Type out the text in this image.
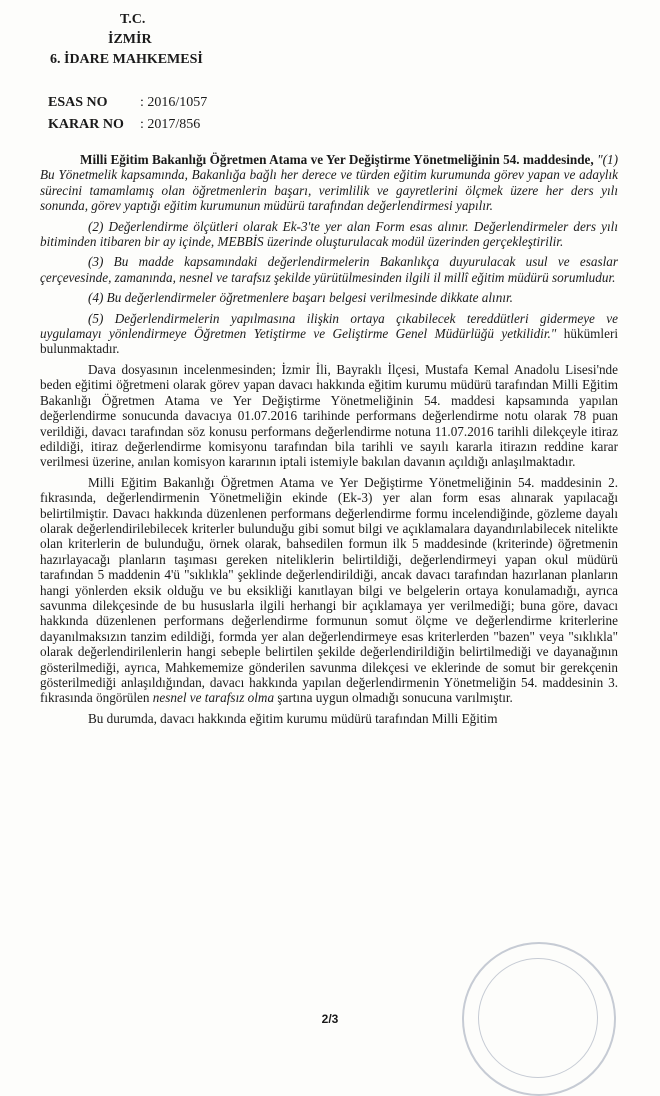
T.C.
İZMİR
6. İDARE MAHKEMESİ
ESAS NO	: 2016/1057
KARAR NO	: 2017/856

Milli Eğitim Bakanlığı Öğretmen Atama ve Yer Değiştirme Yönetmeliğinin 54. maddesinde, "(1) Bu Yönetmelik kapsamında, Bakanlığa bağlı her derece ve türden eğitim kurumunda görev yapan ve adaylık sürecini tamamlamış olan öğretmenlerin başarı, verimlilik ve gayretlerini ölçmek üzere her ders yılı sonunda, görev yaptığı eğitim kurumunun müdürü tarafından değerlendirmesi yapılır.

(2) Değerlendirme ölçütleri olarak Ek-3'te yer alan Form esas alınır. Değerlendirmeler ders yılı bitiminden itibaren bir ay içinde, MEBBİS üzerinde oluşturulacak modül üzerinden gerçekleştirilir.

(3) Bu madde kapsamındaki değerlendirmelerin Bakanlıkça duyurulacak usul ve esaslar çerçevesinde, zamanında, nesnel ve tarafsız şekilde yürütülmesinden ilgili il millî eğitim müdürü sorumludur.

(4) Bu değerlendirmeler öğretmenlere başarı belgesi verilmesinde dikkate alınır.

(5) Değerlendirmelerin yapılmasına ilişkin ortaya çıkabilecek tereddütleri gidermeye ve uygulamayı yönlendirmeye Öğretmen Yetiştirme ve Geliştirme Genel Müdürlüğü yetkilidir." hükümleri bulunmaktadır.

Dava dosyasının incelenmesinden; İzmir İli, Bayraklı İlçesi, Mustafa Kemal Anadolu Lisesi'nde beden eğitimi öğretmeni olarak görev yapan davacı hakkında eğitim kurumu müdürü tarafından Milli Eğitim Bakanlığı Öğretmen Atama ve Yer Değiştirme Yönetmeliğinin 54. maddesi kapsamında yapılan değerlendirme sonucunda davacıya 01.07.2016 tarihinde performans değerlendirme notu olarak 78 puan verildiği, davacı tarafından söz konusu performans değerlendirme notuna 11.07.2016 tarihli dilekçeyle itiraz edildiği, itiraz değerlendirme komisyonu tarafından bila tarihli ve sayılı kararla itirazın reddine karar verilmesi üzerine, anılan komisyon kararının iptali istemiyle bakılan davanın açıldığı anlaşılmaktadır.

Milli Eğitim Bakanlığı Öğretmen Atama ve Yer Değiştirme Yönetmeliğinin 54. maddesinin 2. fıkrasında, değerlendirmenin Yönetmeliğin ekinde (Ek-3) yer alan form esas alınarak yapılacağı belirtilmiştir. Davacı hakkında düzenlenen performans değerlendirme formu incelendiğinde, gözleme dayalı olarak değerlendirilebilecek kriterler bulunduğu gibi somut bilgi ve açıklamalara dayandırılabilecek nitelikte olan kriterlerin de bulunduğu, örnek olarak, bahsedilen formun ilk 5 maddesinde (kriterinde) öğretmenin hazırlayacağı planların taşıması gereken niteliklerin belirtildiği, değerlendirmeyi yapan okul müdürü tarafından 5 maddenin 4'ü "sıklıkla" şeklinde değerlendirildiği, ancak davacı tarafından hazırlanan planların hangi yönlerden eksik olduğu ve bu eksikliği kanıtlayan bilgi ve belgelerin ortaya konulamadığı, ayrıca savunma dilekçesinde de bu hususlarla ilgili herhangi bir açıklamaya yer verilmediği; buna göre, davacı hakkında düzenlenen performans değerlendirme formunun somut ölçme ve değerlendirme kriterlerine dayanılmaksızın tanzim edildiği, formda yer alan değerlendirmeye esas kriterlerden "bazen" veya "sıklıkla" olarak değerlendirilenlerin hangi sebeple belirtilen şekilde değerlendirildiğin belirtilmediği ve dayanağının gösterilmediği, ayrıca, Mahkememize gönderilen savunma dilekçesi ve eklerinde de somut bir gerekçenin gösterilmediği anlaşıldığından, davacı hakkında yapılan değerlendirmenin Yönetmeliğin 54. maddesinin 3. fıkrasında öngörülen nesnel ve tarafsız olma şartına uygun olmadığı sonucuna varılmıştır.

Bu durumda, davacı hakkında eğitim kurumu müdürü tarafından Milli Eğitim

2/3
